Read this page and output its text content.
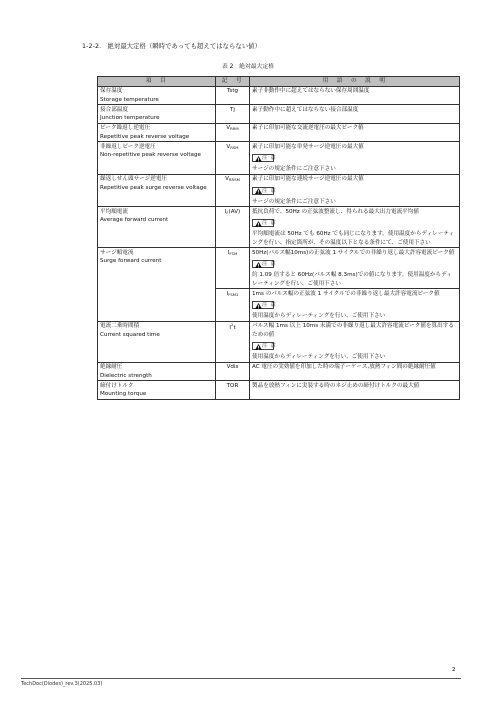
1-2-2.　絶対最大定格（瞬時であっても超えてはならない値）
表 2　絶対最大定格
項　目	記　号	用　語　の　説　明
保存温度
Storage temperature	Tstg	素子非動作中に超えてはならない保存周囲温度
接合部温度
Junction temperature	Tj	素子動作中に超えてはならない接合部温度
ピーク繰返し逆電圧
Repetitive peak reverse voltage	$V_{RRM}$	素子に印加可能な交流逆電圧の最大ピーク値
非繰返しピーク逆電圧
Non-repetitive peak reverse voltage	$V_{RSM}$	素子に印加可能な単発サージ逆電圧の最大値
注 意
サージの規定条件にご注意下さい

繰返しせん頭サージ逆電圧
Repetitive peak surge reverse voltage	$V_{RRSM}$	素子に印加可能な連続サージ逆電圧の最大値
注 意
サージの規定条件にご注意下さい

平均順電流
Average forward current	$I_F(AV)$	抵抗負荷で、50Hz の正弦波整流し、得られる最大出力電流平均値
注 意
平均順電流は 50Hz でも 60Hz でも同じになります。使用温度からディレーティングを行い、指定箇所が、その温度以下となる条件にて、ご使用下さい

サージ順電流
Surge forward current	$I_{FSM}$	50Hz(パルス幅10ms)の正弦波 1 サイクルでの非繰り返し最大許容電流ピーク値
注 意
約 1.09 倍すると 60Hz(パルス幅 8.3ms)での値になります。使用温度からディレーティングを行い、ご使用下さい

	$I_{FSM1}$	1ms のパルス幅の正弦波 1 サイクルでの非繰り返し最大許容電流ピーク値
注 意
使用温度からディレーティングを行い、ご使用下さい

電流二乗時間積
Current squared time	$I^2t$	パルス幅 1ms 以上 10ms 未満での非繰り返し最大許容電流ピーク値を算出するための値
注 意
使用温度からディレーティングを行い、ご使用下さい

絶縁耐圧
Dielectric strength	Vdis	AC 電圧の実効値を印加した時の端子ーケース,放熱フィン間の絶縁耐圧値
締付けトルク
Mounting torque	TOR	製品を放熱フィンに実装する時のネジ止めの締付けトルクの最大値
2
TechDoc(Diodes)_rev.3(2025.03)
